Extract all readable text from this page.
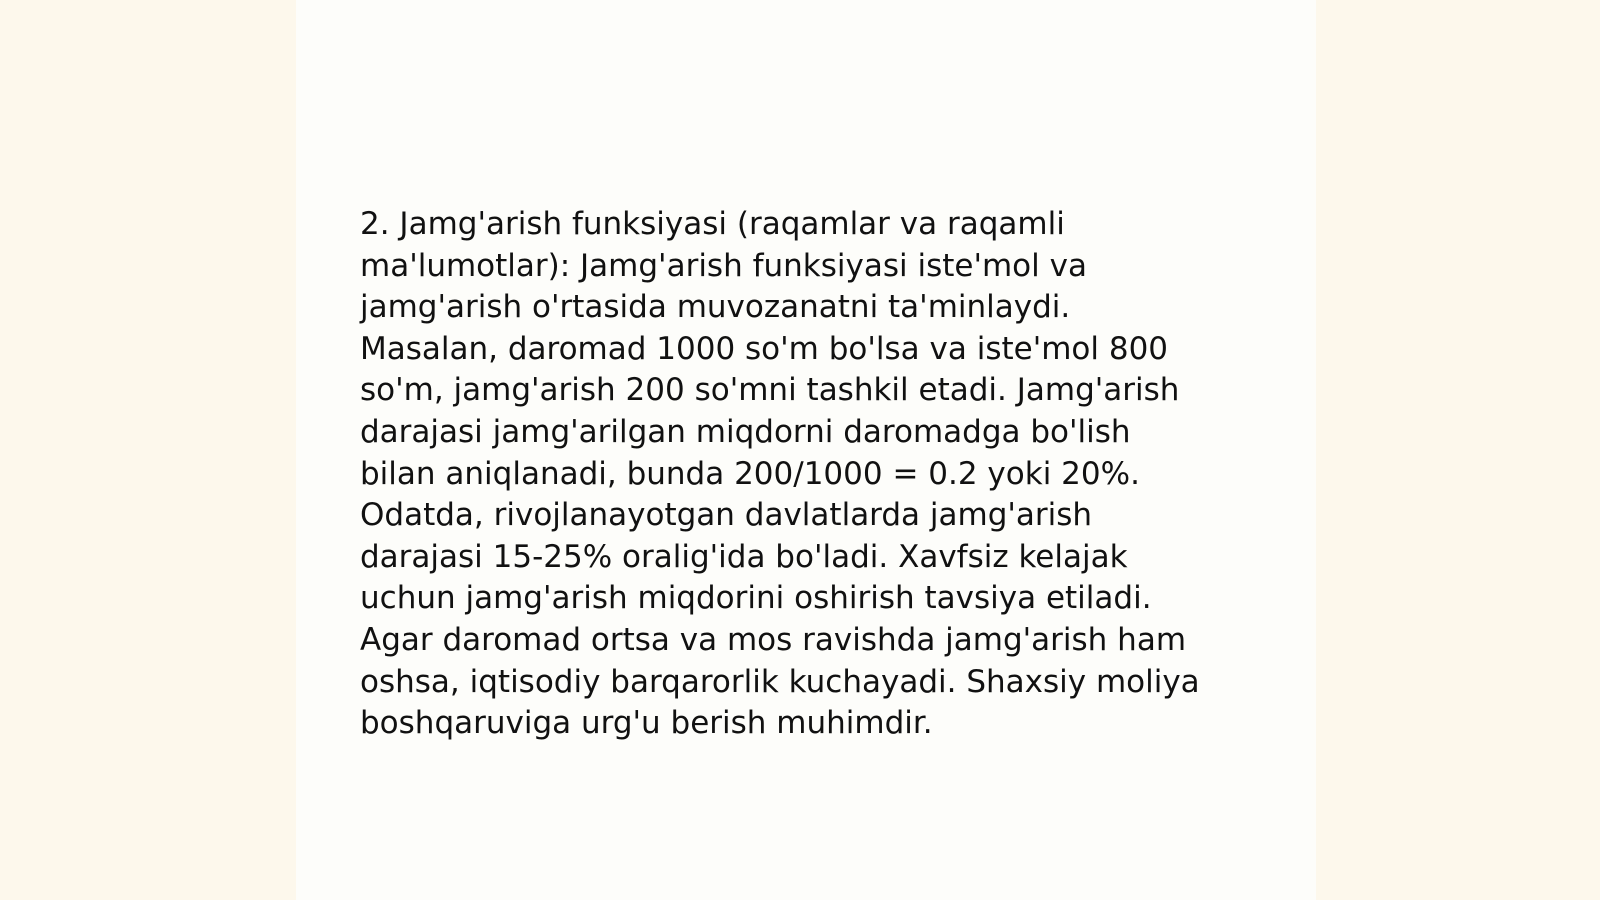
2. Jamg'arish funksiyasi (raqamlar va raqamli
ma'lumotlar): Jamg'arish funksiyasi iste'mol va
jamg'arish o'rtasida muvozanatni ta'minlaydi.
Masalan, daromad 1000 so'm bo'lsa va iste'mol 800
so'm, jamg'arish 200 so'mni tashkil etadi. Jamg'arish
darajasi jamg'arilgan miqdorni daromadga bo'lish
bilan aniqlanadi, bunda 200/1000 = 0.2 yoki 20%.
Odatda, rivojlanayotgan davlatlarda jamg'arish
darajasi 15-25% oralig'ida bo'ladi. Xavfsiz kelajak
uchun jamg'arish miqdorini oshirish tavsiya etiladi.
Agar daromad ortsa va mos ravishda jamg'arish ham
oshsa, iqtisodiy barqarorlik kuchayadi. Shaxsiy moliya
boshqaruviga urg'u berish muhimdir.
